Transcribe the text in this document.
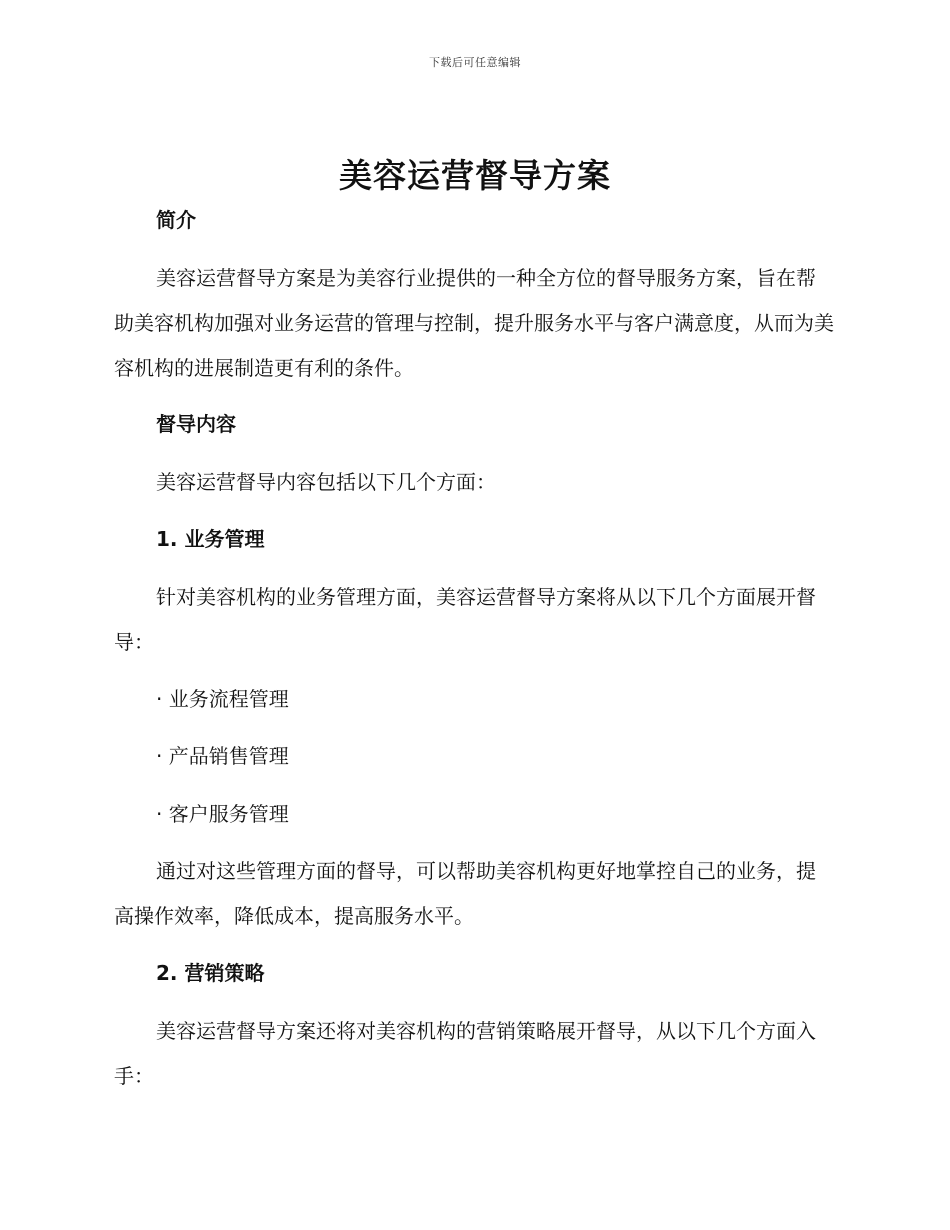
下载后可任意编辑
美容运营督导方案

简介

美容运营督导方案是为美容行业提供的一种全方位的督导服务方案，旨在帮助美容机构加强对业务运营的管理与控制，提升服务水平与客户满意度，从而为美容机构的进展制造更有利的条件。

督导内容

美容运营督导内容包括以下几个方面：

1. 业务管理

针对美容机构的业务管理方面，美容运营督导方案将从以下几个方面展开督导：

· 业务流程管理

· 产品销售管理

· 客户服务管理

通过对这些管理方面的督导，可以帮助美容机构更好地掌控自己的业务，提高操作效率，降低成本，提高服务水平。

2. 营销策略

美容运营督导方案还将对美容机构的营销策略展开督导，从以下几个方面入手：
